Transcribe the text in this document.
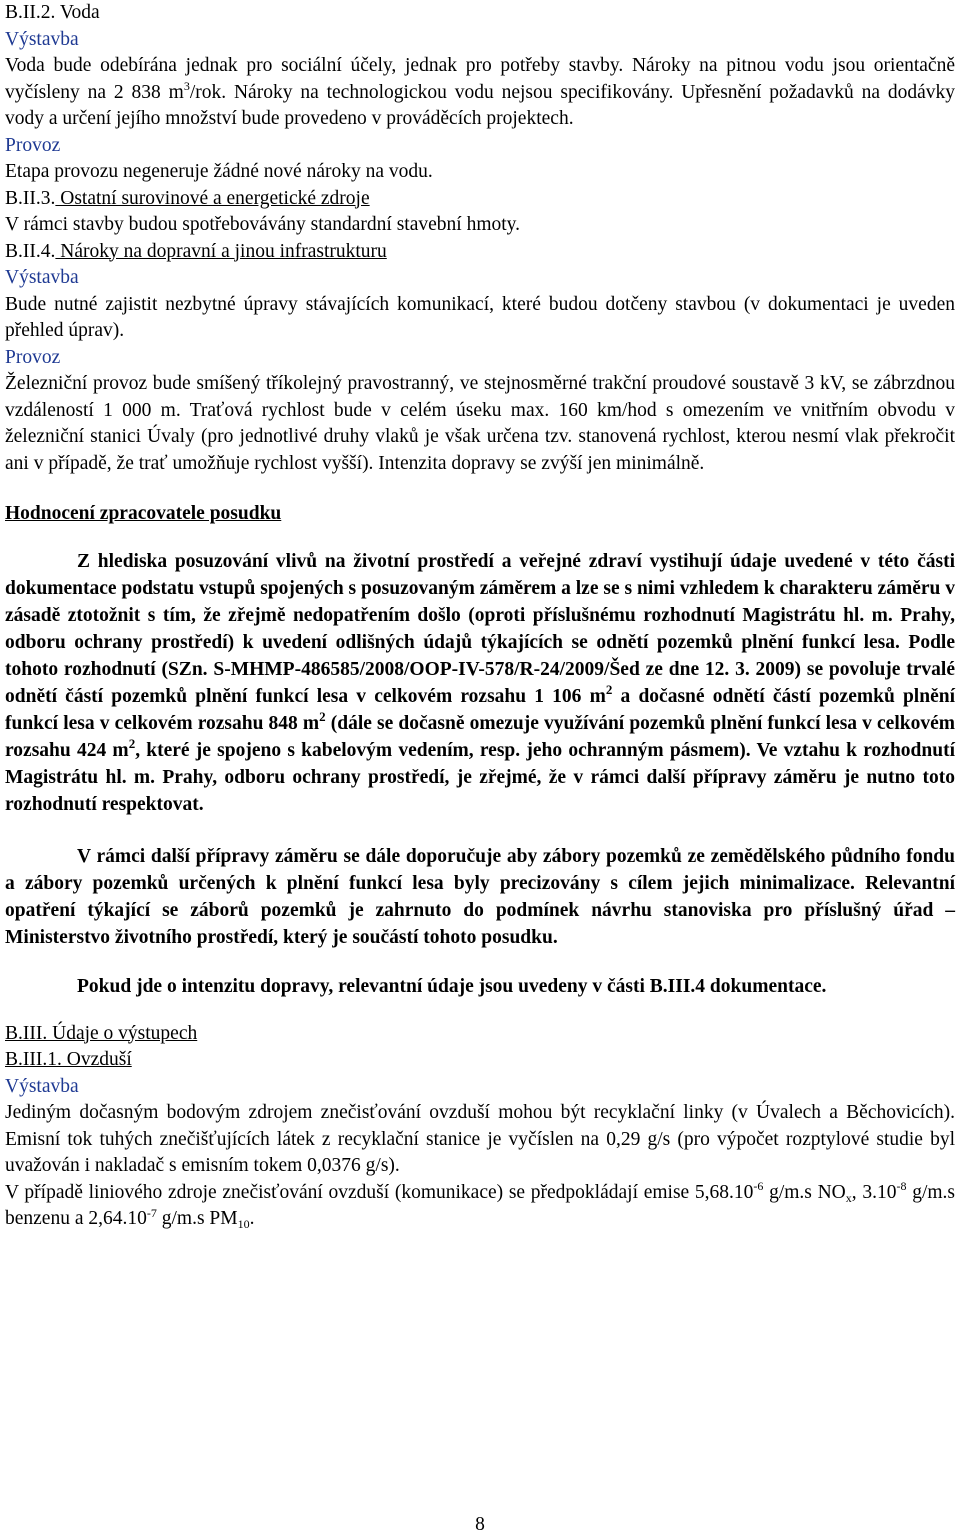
B.II.2. Voda

Výstavba

Voda bude odebírána jednak pro sociální účely, jednak pro potřeby stavby. Nároky na pitnou vodu jsou orientačně vyčísleny na 2 838 $m^3$/rok. Nároky na technologickou vodu nejsou specifikovány. Upřesnění požadavků na dodávky vody a určení jejího množství bude provedeno v prováděcích projektech.

Provoz

Etapa provozu negeneruje žádné nové nároky na vodu.

B.II.3. Ostatní surovinové a energetické zdroje

V rámci stavby budou spotřebovávány standardní stavební hmoty.

B.II.4. Nároky na dopravní a jinou infrastrukturu

Výstavba

Bude nutné zajistit nezbytné úpravy stávajících komunikací, které budou dotčeny stavbou (v dokumentaci je uveden přehled úprav).

Provoz

Železniční provoz bude smíšený tříkolejný pravostranný, ve stejnosměrné trakční proudové soustavě 3 kV, se zábrzdnou vzdáleností 1 000 m. Traťová rychlost bude v celém úseku max. 160 km/hod s omezením ve vnitřním obvodu v železniční stanici Úvaly (pro jednotlivé druhy vlaků je však určena tzv. stanovená rychlost, kterou nesmí vlak překročit ani v případě, že trať umožňuje rychlost vyšší). Intenzita dopravy se zvýší jen minimálně.

Hodnocení zpracovatele posudku

Z hlediska posuzování vlivů na životní prostředí a veřejné zdraví vystihují údaje uvedené v této části dokumentace podstatu vstupů spojených s posuzovaným záměrem a lze se s nimi vzhledem k charakteru záměru v zásadě ztotožnit s tím, že zřejmě nedopatřením došlo (oproti příslušnému rozhodnutí Magistrátu hl. m. Prahy, odboru ochrany prostředí) k uvedení odlišných údajů týkajících se odnětí pozemků plnění funkcí lesa. Podle tohoto rozhodnutí (SZn. S-MHMP-486585/2008/OOP-IV-578/R-24/2009/Šed ze dne 12. 3. 2009) se povoluje trvalé odnětí částí pozemků plnění funkcí lesa v celkovém rozsahu 1 106 $m^2$ a dočasné odnětí částí pozemků plnění funkcí lesa v celkovém rozsahu 848 $m^2$ (dále se dočasně omezuje využívání pozemků plnění funkcí lesa v celkovém rozsahu 424 $m^2$, které je spojeno s kabelovým vedením, resp. jeho ochranným pásmem). Ve vztahu k rozhodnutí Magistrátu hl. m. Prahy, odboru ochrany prostředí, je zřejmé, že v rámci další přípravy záměru je nutno toto rozhodnutí respektovat.

V rámci další přípravy záměru se dále doporučuje aby zábory pozemků ze zemědělského půdního fondu a zábory pozemků určených k plnění funkcí lesa byly precizovány s cílem jejich minimalizace. Relevantní opatření týkající se záborů pozemků je zahrnuto do podmínek návrhu stanoviska pro příslušný úřad – Ministerstvo životního prostředí, který je součástí tohoto posudku.

Pokud jde o intenzitu dopravy, relevantní údaje jsou uvedeny v části B.III.4 dokumentace.

B.III. Údaje o výstupech

B.III.1. Ovzduší

Výstavba

Jediným dočasným bodovým zdrojem znečisťování ovzduší mohou být recyklační linky (v Úvalech a Běchovicích). Emisní tok tuhých znečišťujících látek z recyklační stanice je vyčíslen na 0,29 g/s (pro výpočet rozptylové studie byl uvažován i nakladač s emisním tokem 0,0376 g/s).

V případě liniového zdroje znečisťování ovzduší (komunikace) se předpokládají emise $5,68.10^{-6}$ g/m.s $NO_x$, $3.10^{-8}$ g/m.s benzenu a $2,64.10^{-7}$ g/m.s $PM_{10}$.

8
